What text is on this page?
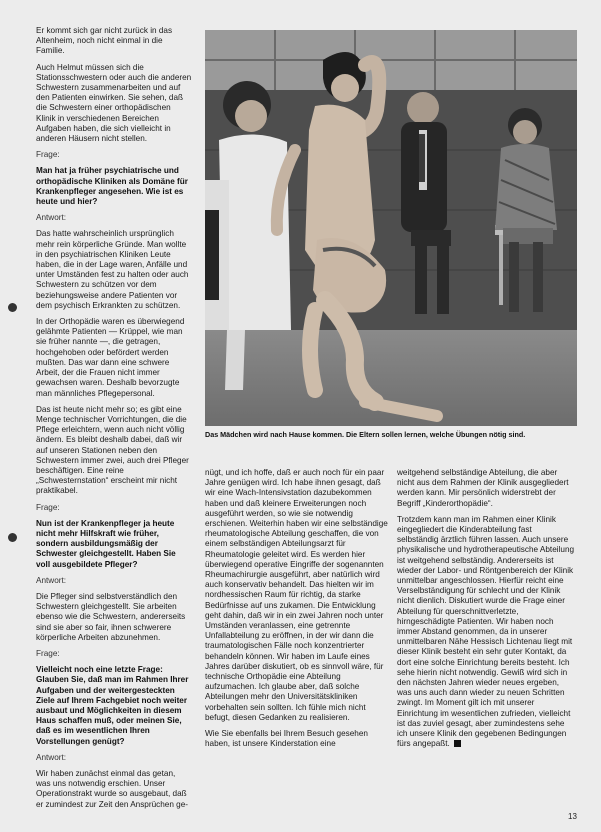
Er kommt sich gar nicht zurück in das Altenheim, noch nicht einmal in die Familie.

Auch Helmut müssen sich die Stationsschwestern oder auch die anderen Schwestern zusammenarbeiten und auf den Patienten einwirken. Sie sehen, daß die Schwestern einer orthopädischen Klinik in verschiedenen Bereichen Aufgaben haben, die sich vielleicht in anderen Häusern nicht stellen.

Frage:

Man hat ja früher psychiatrische und orthopädische Kliniken als Domäne für Krankenpfleger angesehen. Wie ist es heute und hier?

Antwort:

Das hatte wahrscheinlich ursprünglich mehr rein körperliche Gründe. Man wollte in den psychiatrischen Kliniken Leute haben, die in der Lage waren, Anfälle und unter Umständen fest zu halten oder auch Schwestern zu schützen vor dem beziehungsweise andere Patienten vor dem psychisch Erkrankten zu schützen.

In der Orthopädie waren es überwiegend gelähmte Patienten — Krüppel, wie man sie früher nannte —, die getragen, hochgehoben oder befördert werden mußten. Das war dann eine schwere Arbeit, der die Frauen nicht immer gewachsen waren. Deshalb bevorzugte man männliches Pflegepersonal.

Das ist heute nicht mehr so; es gibt eine Menge technischer Vorrichtungen, die die Pflege erleichtern, wenn auch nicht völlig ändern. Es bleibt deshalb dabei, daß wir auf unseren Stationen neben den Schwestern immer zwei, auch drei Pfleger beschäftigen. Eine reine „Schwesternstation“ erscheint mir nicht praktikabel.

Frage:

Nun ist der Krankenpfleger ja heute nicht mehr Hilfskraft wie früher, sondern ausbildungsmäßig der Schwester gleichgestellt. Haben Sie voll ausgebildete Pfleger?

Antwort:

Die Pfleger sind selbstverständlich den Schwestern gleichgestellt. Sie arbeiten ebenso wie die Schwestern, andererseits sind sie aber so fair, ihnen schwerere körperliche Arbeiten abzunehmen.

Frage:

Vielleicht noch eine letzte Frage: Glauben Sie, daß man im Rahmen Ihrer Aufgaben und der weitergesteckten Ziele auf Ihrem Fachgebiet noch weiter ausbaut und Möglichkeiten in diesem Haus schaffen muß, oder meinen Sie, daß es im wesentlichen Ihren Vorstellungen genügt?

Antwort:

Wir haben zunächst einmal das getan, was uns notwendig erschien. Unser Operationstrakt wurde so ausgebaut, daß er zumindest zur Zeit den Ansprüchen ge-

Das Mädchen wird nach Hause kommen. Die Eltern sollen lernen, welche Übungen nötig sind.

nügt, und ich hoffe, daß er auch noch für ein paar Jahre genügen wird. Ich habe ihnen gesagt, daß wir eine Wach-Intensivstation dazubekommen haben und daß kleinere Erweiterungen noch ausgeführt werden, so wie sie notwendig erschienen. Weiterhin haben wir eine selbständige rheumatologische Abteilung geschaffen, die von einem selbständigen Abteilungsarzt für Rheumatologie geleitet wird. Es werden hier überwiegend operative Eingriffe der sogenannten Rheumachirurgie ausgeführt, aber natürlich wird auch konservativ behandelt. Das hielten wir im nordhessischen Raum für richtig, da starke Bedürfnisse auf uns zukamen. Die Entwicklung geht dahin, daß wir in ein zwei Jahren noch unter Umständen veranlassen, eine getrennte Unfallabteilung zu eröffnen, in der wir dann die traumatologischen Fälle noch konzentrierter behandeln können. Wir haben im Laufe eines Jahres darüber diskutiert, ob es sinnvoll wäre, für technische Orthopädie eine Abteilung aufzumachen. Ich glaube aber, daß solche Abteilungen mehr den Universitätskliniken vorbehalten sein sollten. Ich fühle mich nicht befugt, diesen Gedanken zu realisieren.

Wie Sie ebenfalls bei Ihrem Besuch gesehen haben, ist unsere Kinderstation eine

weitgehend selbständige Abteilung, die aber nicht aus dem Rahmen der Klinik ausgegliedert werden kann. Mir persönlich widerstrebt der Begriff „Kinderorthopädie“.

Trotzdem kann man im Rahmen einer Klinik eingegliedert die Kinderabteilung fast selbständig ärztlich führen lassen. Auch unsere physikalische und hydrotherapeutische Abteilung ist weitgehend selbständig. Andererseits ist wieder der Labor- und Röntgenbereich der Klinik unmittelbar angeschlossen. Hierfür reicht eine Verselbständigung für schlecht und der Klinik nicht dienlich. Diskutiert wurde die Frage einer Abteilung für querschnittverletzte, hirngeschädigte Patienten. Wir haben noch immer Abstand genommen, da in unserer unmittelbaren Nähe Hessisch Lichtenau liegt mit dieser Klinik besteht ein sehr guter Kontakt, da dort eine solche Einrichtung bereits besteht. Ich sehe hierin nicht notwendig. Gewiß wird sich in den nächsten Jahren wieder neues ergeben, was uns auch dann wieder zu neuen Schritten zwingt. Im Moment gilt ich mit unserer Einrichtung im wesentlichen zufrieden, vielleicht ist das zuviel gesagt, aber zumindestens sehe ich unsere Klinik den gegebenen Bedingungen fürs angepaßt.

13
